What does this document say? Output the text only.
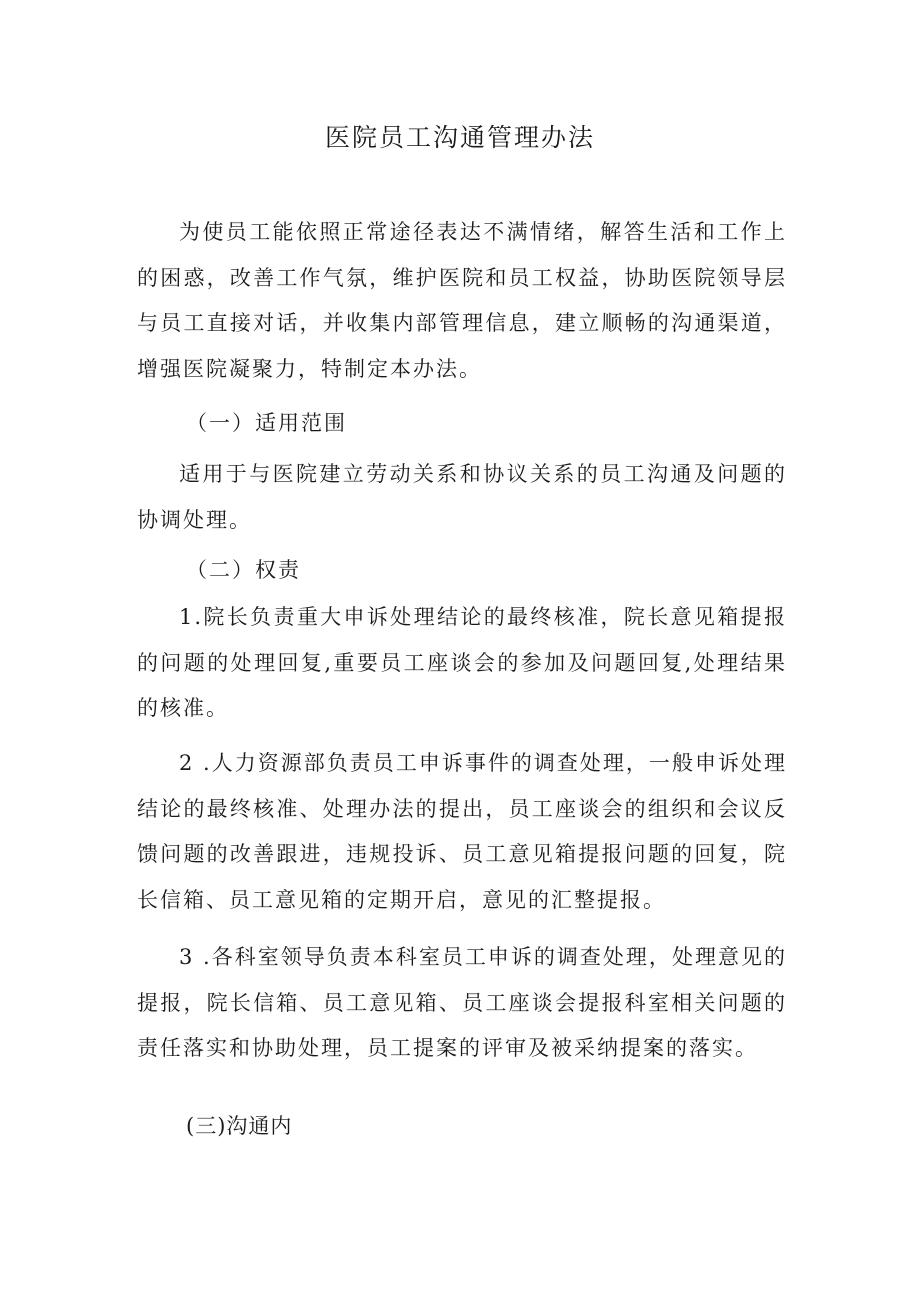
医院员工沟通管理办法
为使员工能依照正常途径表达不满情绪，解答生活和工作上的困惑，改善工作气氛，维护医院和员工权益，协助医院领导层与员工直接对话，并收集内部管理信息，建立顺畅的沟通渠道，增强医院凝聚力，特制定本办法。
（一）适用范围
适用于与医院建立劳动关系和协议关系的员工沟通及问题的协调处理。
（二）权责
1.院长负责重大申诉处理结论的最终核准，院长意见箱提报的问题的处理回复,重要员工座谈会的参加及问题回复,处理结果的核准。
2 .人力资源部负责员工申诉事件的调查处理，一般申诉处理结论的最终核准、处理办法的提出，员工座谈会的组织和会议反馈问题的改善跟进，违规投诉、员工意见箱提报问题的回复，院长信箱、员工意见箱的定期开启，意见的汇整提报。
3 .各科室领导负责本科室员工申诉的调查处理，处理意见的提报，院长信箱、员工意见箱、员工座谈会提报科室相关问题的责任落实和协助处理，员工提案的评审及被采纳提案的落实。
(三)沟通内
